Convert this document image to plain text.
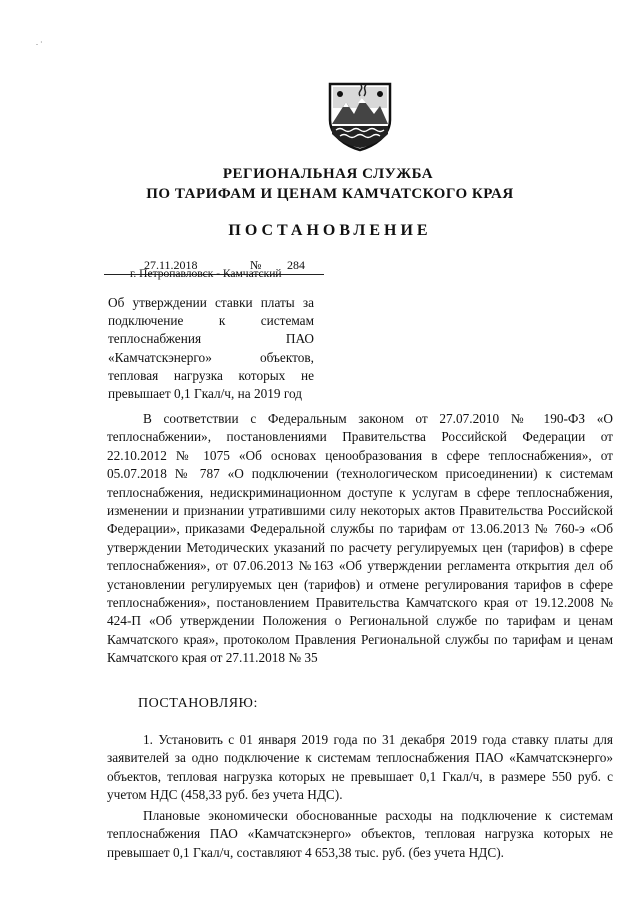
. ·
РЕГИОНАЛЬНАЯ СЛУЖБА
ПО ТАРИФАМ И ЦЕНАМ КАМЧАТСКОГО КРАЯ
ПОСТАНОВЛЕНИЕ
27.11.2018	№	284
г. Петропавловск - Камчатский
Об утверждении ставки платы за подключение к системам теплоснабжения ПАО «Камчатскэнерго» объектов, тепловая нагрузка которых не превышает 0,1 Гкал/ч, на 2019 год

В соответствии с Федеральным законом от 27.07.2010 № 190-ФЗ «О теплоснабжении», постановлениями Правительства Российской Федерации от 22.10.2012 № 1075 «Об основах ценообразования в сфере теплоснабжения», от 05.07.2018 № 787 «О подключении (технологическом присоединении) к системам теплоснабжения, недискриминационном доступе к услугам в сфере теплоснабжения, изменении и признании утратившими силу некоторых актов Правительства Российской Федерации», приказами Федеральной службы по тарифам от 13.06.2013 № 760-э «Об утверждении Методических указаний по расчету регулируемых цен (тарифов) в сфере теплоснабжения», от 07.06.2013 №163 «Об утверждении регламента открытия дел об установлении регулируемых цен (тарифов) и отмене регулирования тарифов в сфере теплоснабжения», постановлением Правительства Камчатского края от 19.12.2008 № 424-П «Об утверждении Положения о Региональной службе по тарифам и ценам Камчатского края», протоколом Правления Региональной службы по тарифам и ценам Камчатского края от 27.11.2018 № 35

ПОСТАНОВЛЯЮ:

1. Установить с 01 января 2019 года по 31 декабря 2019 года ставку платы для заявителей за одно подключение к системам теплоснабжения ПАО «Камчатскэнерго» объектов, тепловая нагрузка которых не превышает 0,1 Гкал/ч, в размере 550 руб. с учетом НДС (458,33 руб. без учета НДС).

Плановые экономически обоснованные расходы на подключение к системам теплоснабжения ПАО «Камчатскэнерго» объектов, тепловая нагрузка которых не превышает 0,1 Гкал/ч, составляют 4 653,38 тыс. руб. (без учета НДС).
